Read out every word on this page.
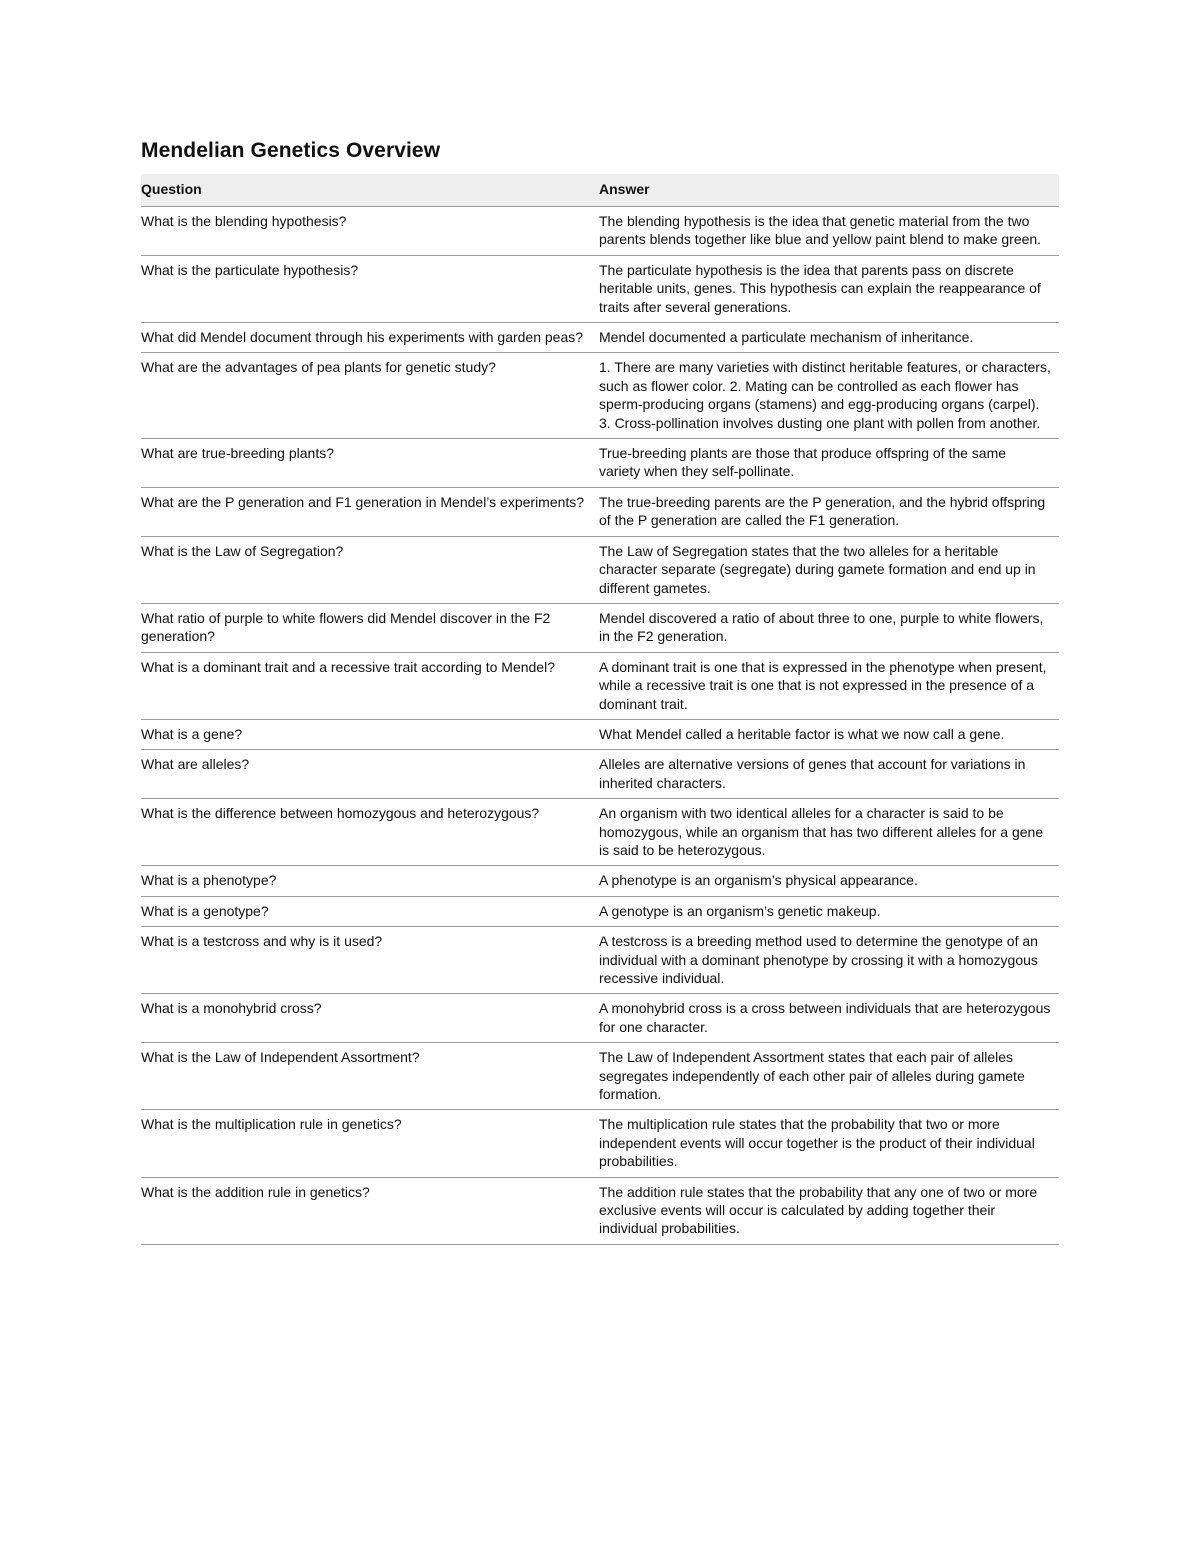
Mendelian Genetics Overview
Question	Answer
What is the blending hypothesis?	The blending hypothesis is the idea that genetic material from the two parents blends together like blue and yellow paint blend to make green.
What is the particulate hypothesis?	The particulate hypothesis is the idea that parents pass on discrete heritable units, genes. This hypothesis can explain the reappearance of traits after several generations.
What did Mendel document through his experiments with garden peas?	Mendel documented a particulate mechanism of inheritance.
What are the advantages of pea plants for genetic study?	1. There are many varieties with distinct heritable features, or characters, such as flower color. 2. Mating can be controlled as each flower has sperm-producing organs (stamens) and egg-producing organs (carpel). 3. Cross-pollination involves dusting one plant with pollen from another.
What are true-breeding plants?	True-breeding plants are those that produce offspring of the same variety when they self-pollinate.
What are the P generation and F1 generation in Mendel’s experiments?	The true-breeding parents are the P generation, and the hybrid offspring of the P generation are called the F1 generation.
What is the Law of Segregation?	The Law of Segregation states that the two alleles for a heritable character separate (segregate) during gamete formation and end up in different gametes.
What ratio of purple to white flowers did Mendel discover in the F2 generation?	Mendel discovered a ratio of about three to one, purple to white flowers, in the F2 generation.
What is a dominant trait and a recessive trait according to Mendel?	A dominant trait is one that is expressed in the phenotype when present, while a recessive trait is one that is not expressed in the presence of a dominant trait.
What is a gene?	What Mendel called a heritable factor is what we now call a gene.
What are alleles?	Alleles are alternative versions of genes that account for variations in inherited characters.
What is the difference between homozygous and heterozygous?	An organism with two identical alleles for a character is said to be homozygous, while an organism that has two different alleles for a gene is said to be heterozygous.
What is a phenotype?	A phenotype is an organism’s physical appearance.
What is a genotype?	A genotype is an organism’s genetic makeup.
What is a testcross and why is it used?	A testcross is a breeding method used to determine the genotype of an individual with a dominant phenotype by crossing it with a homozygous recessive individual.
What is a monohybrid cross?	A monohybrid cross is a cross between individuals that are heterozygous for one character.
What is the Law of Independent Assortment?	The Law of Independent Assortment states that each pair of alleles segregates independently of each other pair of alleles during gamete formation.
What is the multiplication rule in genetics?	The multiplication rule states that the probability that two or more independent events will occur together is the product of their individual probabilities.
What is the addition rule in genetics?	The addition rule states that the probability that any one of two or more exclusive events will occur is calculated by adding together their individual probabilities.
